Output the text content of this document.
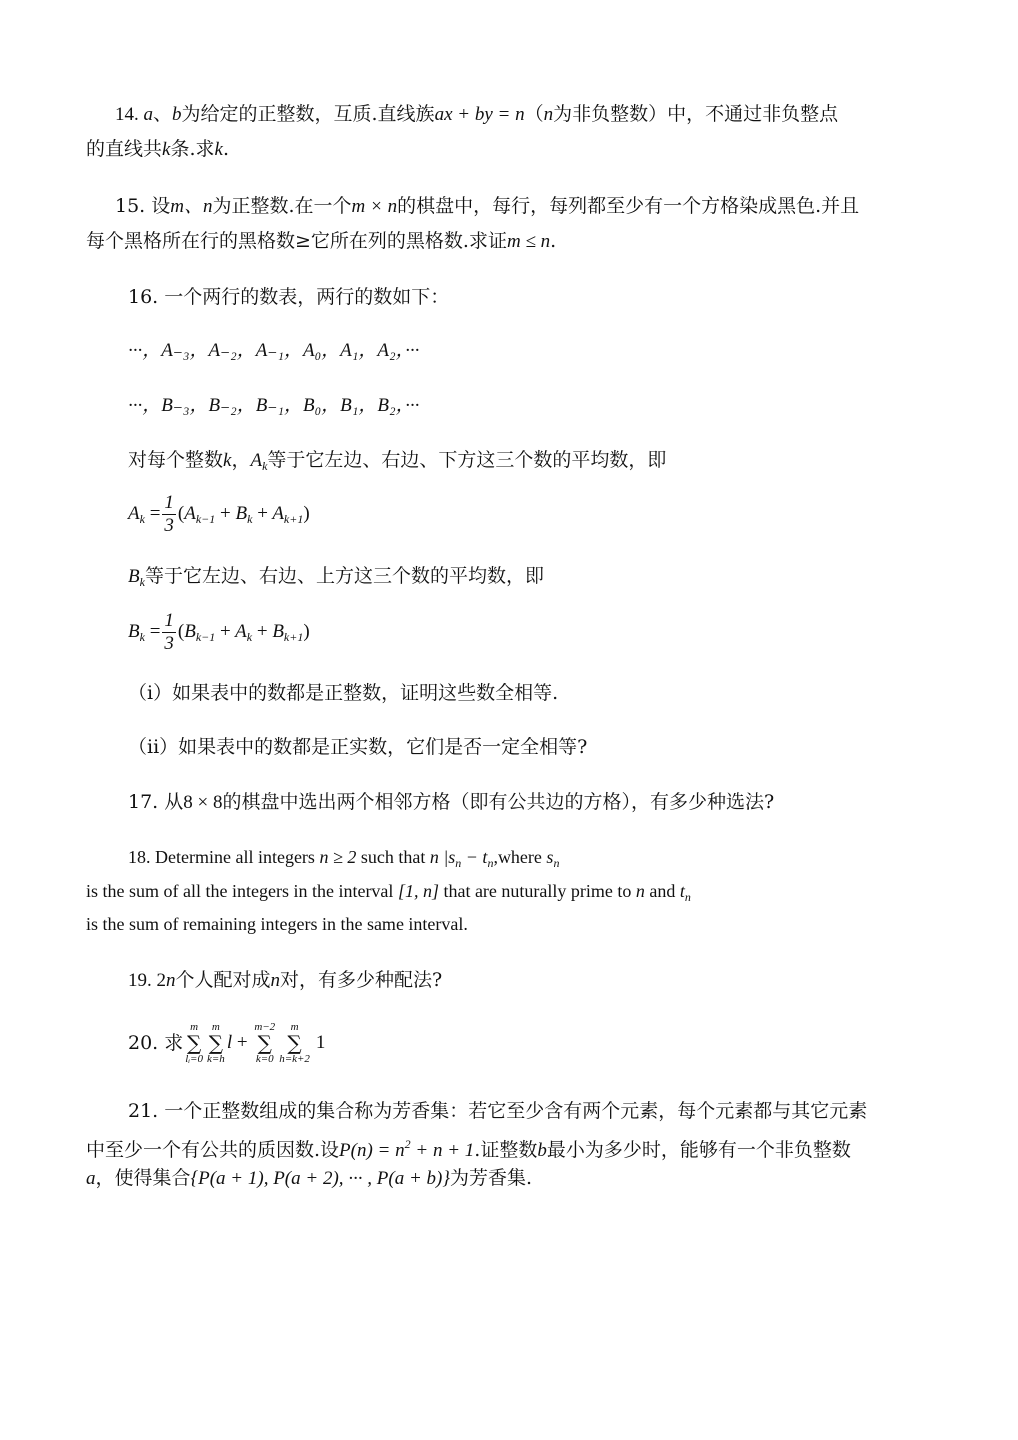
14. a、b为给定的正整数，互质.直线族ax + by = n（n为非负整数）中，不通过非负整点
的直线共k条.求k.
15. 设m、n为正整数.在一个m × n的棋盘中，每行，每列都至少有一个方格染成黑色.并且
每个黑格所在行的黑格数≥它所在列的黑格数.求证m ≤ n.
16. 一个两行的数表，两行的数如下：
···，A₋₃，A₋₂，A₋₁，A₀，A₁，A₂，···
···，B₋₃，B₋₂，B₋₁，B₀，B₁，B₂，···
对每个整数k，$A_k$等于它左边、右边、下方这三个数的平均数，即
$A_k = \frac{1}{3} (A_{k-1} + B_k + A_{k+1})$
$B_k$等于它左边、右边、上方这三个数的平均数，即
$B_k = \frac{1}{3} (B_{k-1} + A_k + B_{k+1})$
（i）如果表中的数都是正整数，证明这些数全相等.
（ii）如果表中的数都是正实数，它们是否一定全相等?
17. 从8 × 8的棋盘中选出两个相邻方格（即有公共边的方格），有多少种选法?
18. Determine all integers n ≥ 2 such that n $|s_n$ − $t_n,where$ $s_n$
is the sum of all the integers in the interval [1, n] that are nuturally prime to n and $t_n$
is the sum of remaining integers in the same interval.
19. 2n个人配对成n对，有多少种配法?
20. 求
m
∑
lᵢ=0
m
∑
k=h
l +
m−2
∑
k=0
m
∑
h=k+2
1
21. 一个正整数组成的集合称为芳香集：若它至少含有两个元素，每个元素都与其它元素
中至少一个有公共的质因数.设$P(n) = n^2 + n + 1$.证整数b最小为多少时，能够有一个非负整数
a，使得集合{P(a + 1), P(a + 2), ··· , P(a + b)}为芳香集.
